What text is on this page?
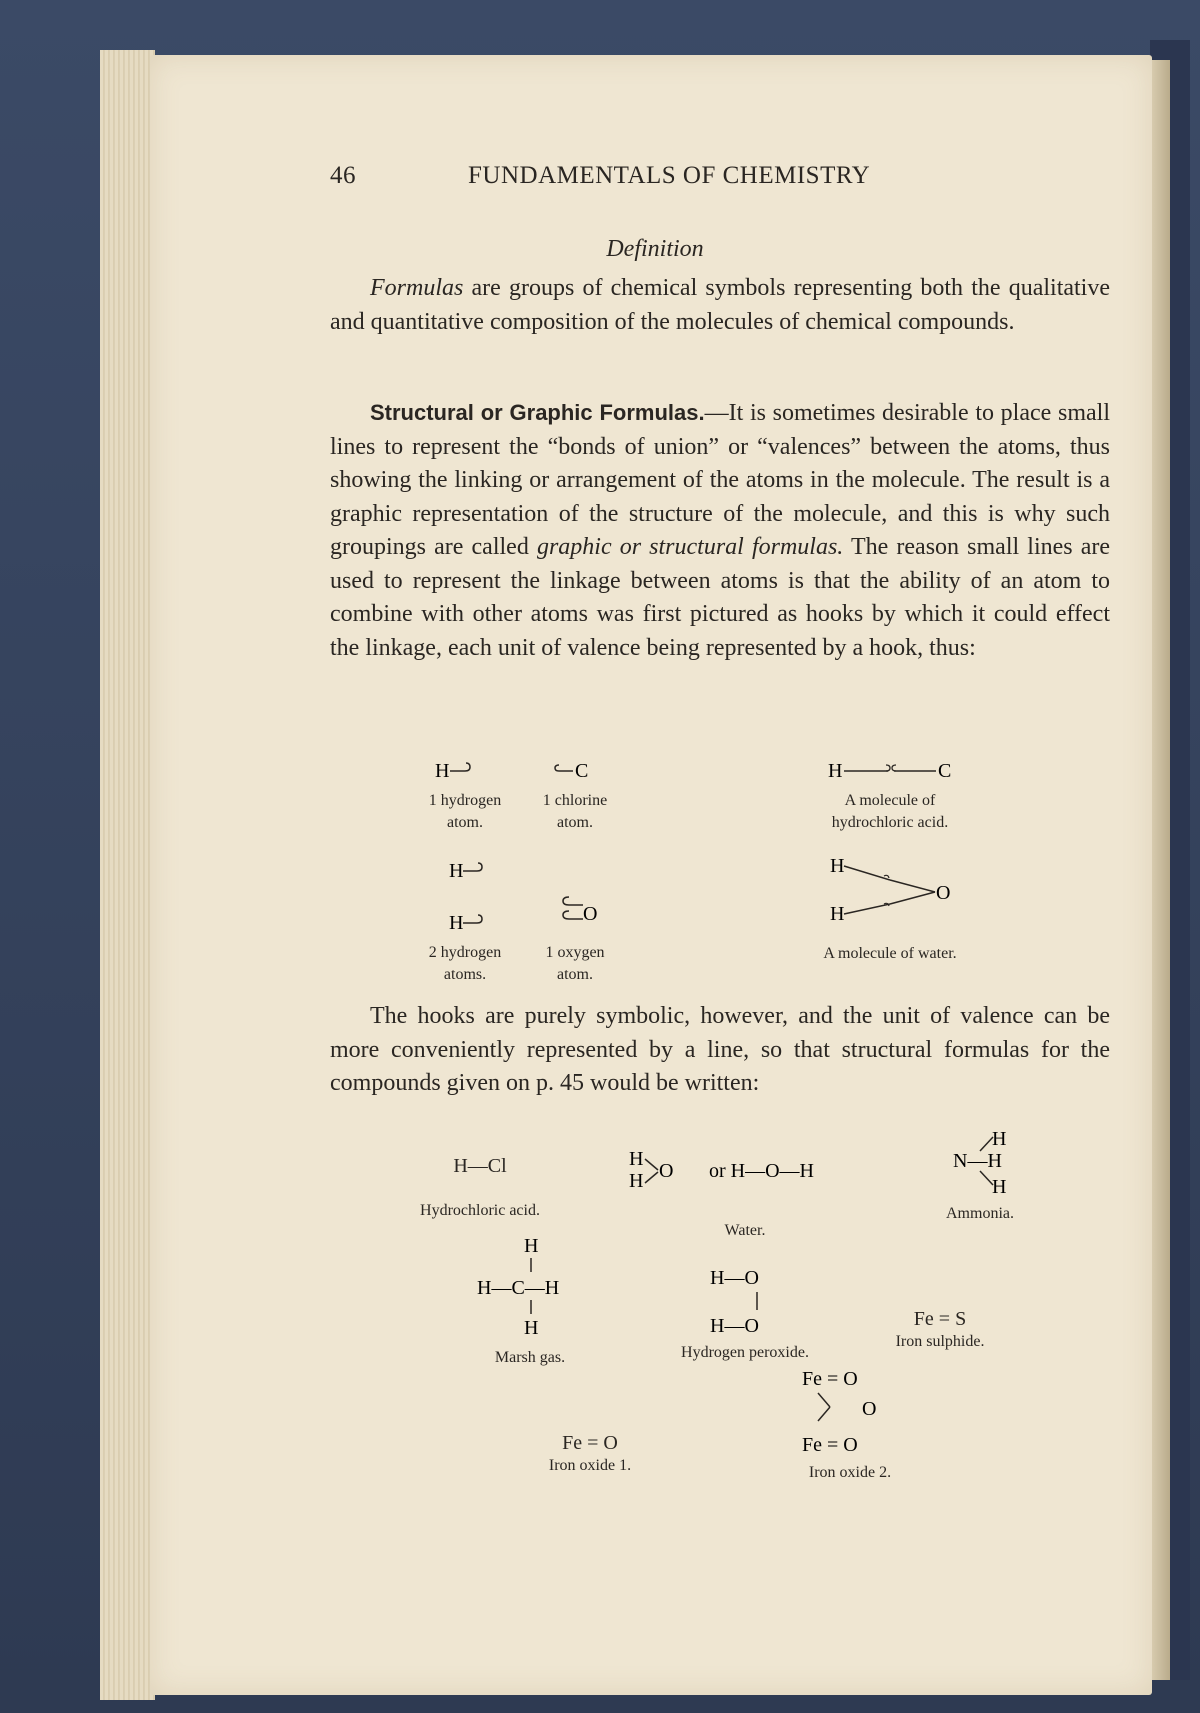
46	FUNDAMENTALS OF CHEMISTRY
Definition
Formulas are groups of chemical symbols representing both the qualitative and quantitative composition of the molecules of chemical compounds.
Structural or Graphic Formulas.—It is sometimes desirable to place small lines to represent the “bonds of union” or “valences” between the atoms, thus showing the linking or arrangement of the atoms in the molecule. The result is a graphic representation of the structure of the molecule, and this is why such groupings are called graphic or structural formulas. The reason small lines are used to represent the linkage between atoms is that the ability of an atom to combine with other atoms was first pictured as hooks by which it could effect the linkage, each unit of valence being represented by a hook, thus:
H
1 hydrogen
atom.
C
1 chlorine
atom.
H	C
A molecule of
hydrochloric acid.
H
H
2 hydrogen
atoms.
O
1 oxygen
atom.
H
H
O
A molecule of water.
The hooks are purely symbolic, however, and the unit of valence can be more conveniently represented by a line, so that structural formulas for the compounds given on p. 45 would be written:
H—Cl
Hydrochloric acid.
H
H O or H—O—H
Water.
H
N—H
H
Ammonia.
H
H—C—H
H
Marsh gas.
H—O
H—O
Hydrogen peroxide.
Fe = S
Iron sulphide.
Fe = O
Iron oxide 1.
Fe = O
O
Fe = O
Iron oxide 2.
